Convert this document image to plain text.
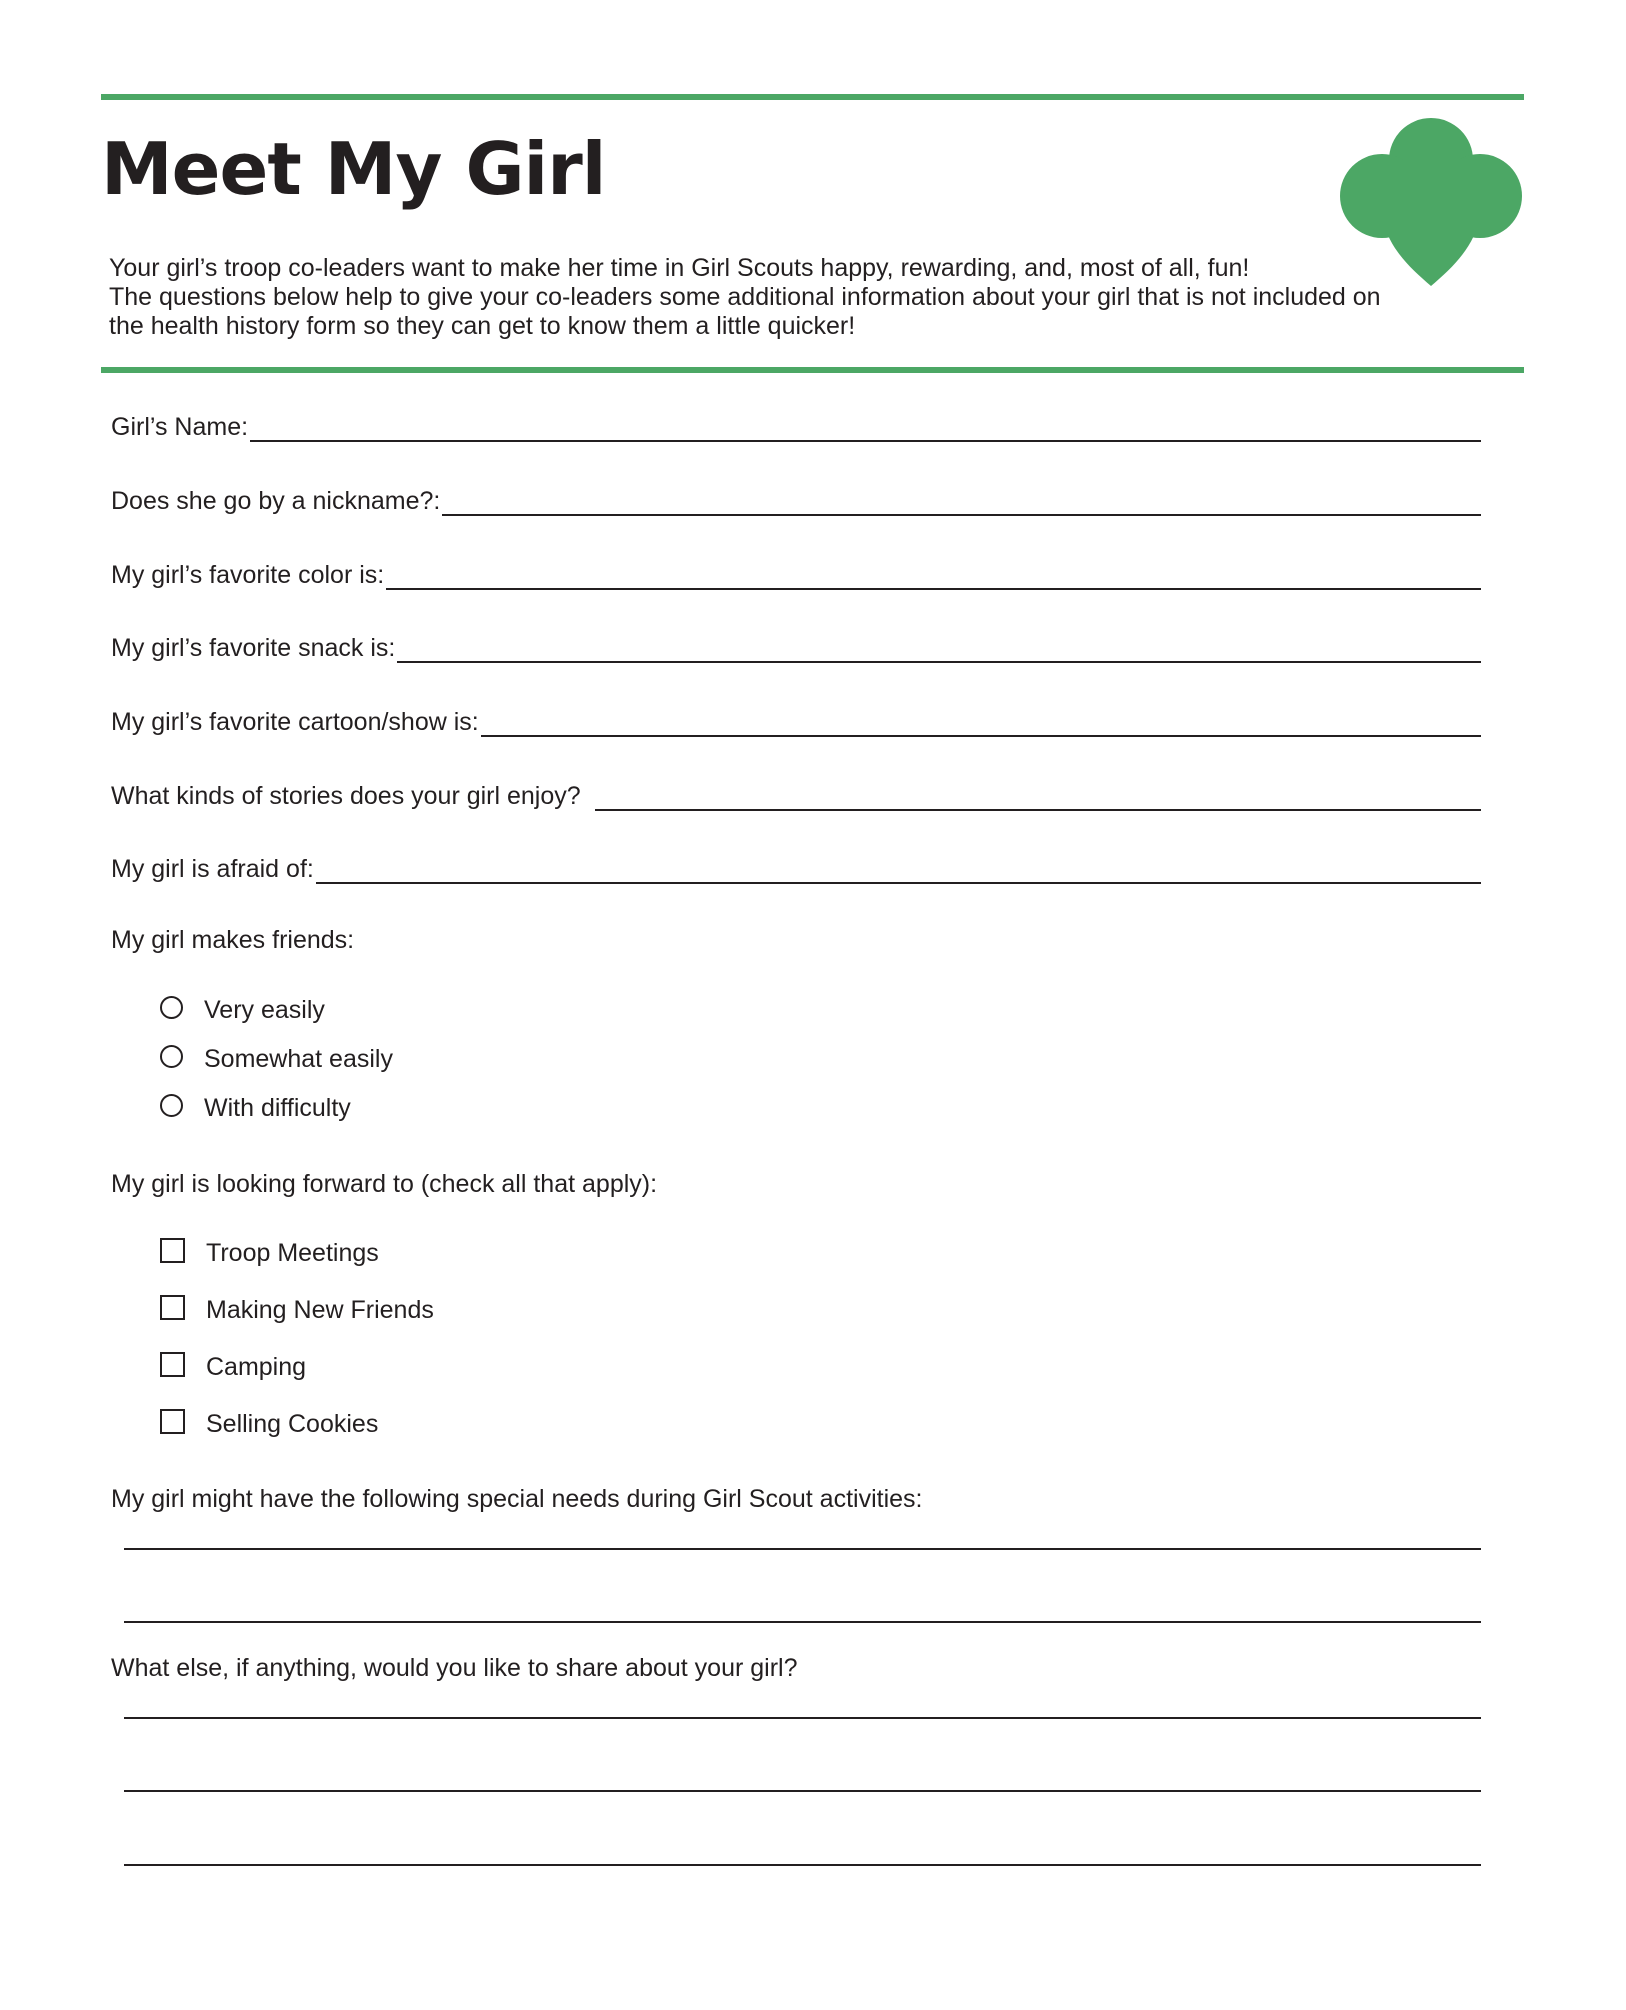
Meet My Girl
Your girl’s troop co-leaders want to make her time in Girl Scouts happy, rewarding, and, most of all, fun!
The questions below help to give your co-leaders some additional information about your girl that is not included on
the health history form so they can get to know them a little quicker!
Girl’s Name:
Does she go by a nickname?:
My girl’s favorite color is:
My girl’s favorite snack is:
My girl’s favorite cartoon/show is:
What kinds of stories does your girl enjoy?
My girl is afraid of:
My girl makes friends:
Very easily
Somewhat easily
With difficulty
My girl is looking forward to (check all that apply):
Troop Meetings
Making New Friends
Camping
Selling Cookies
My girl might have the following special needs during Girl Scout activities:
What else, if anything, would you like to share about your girl?
